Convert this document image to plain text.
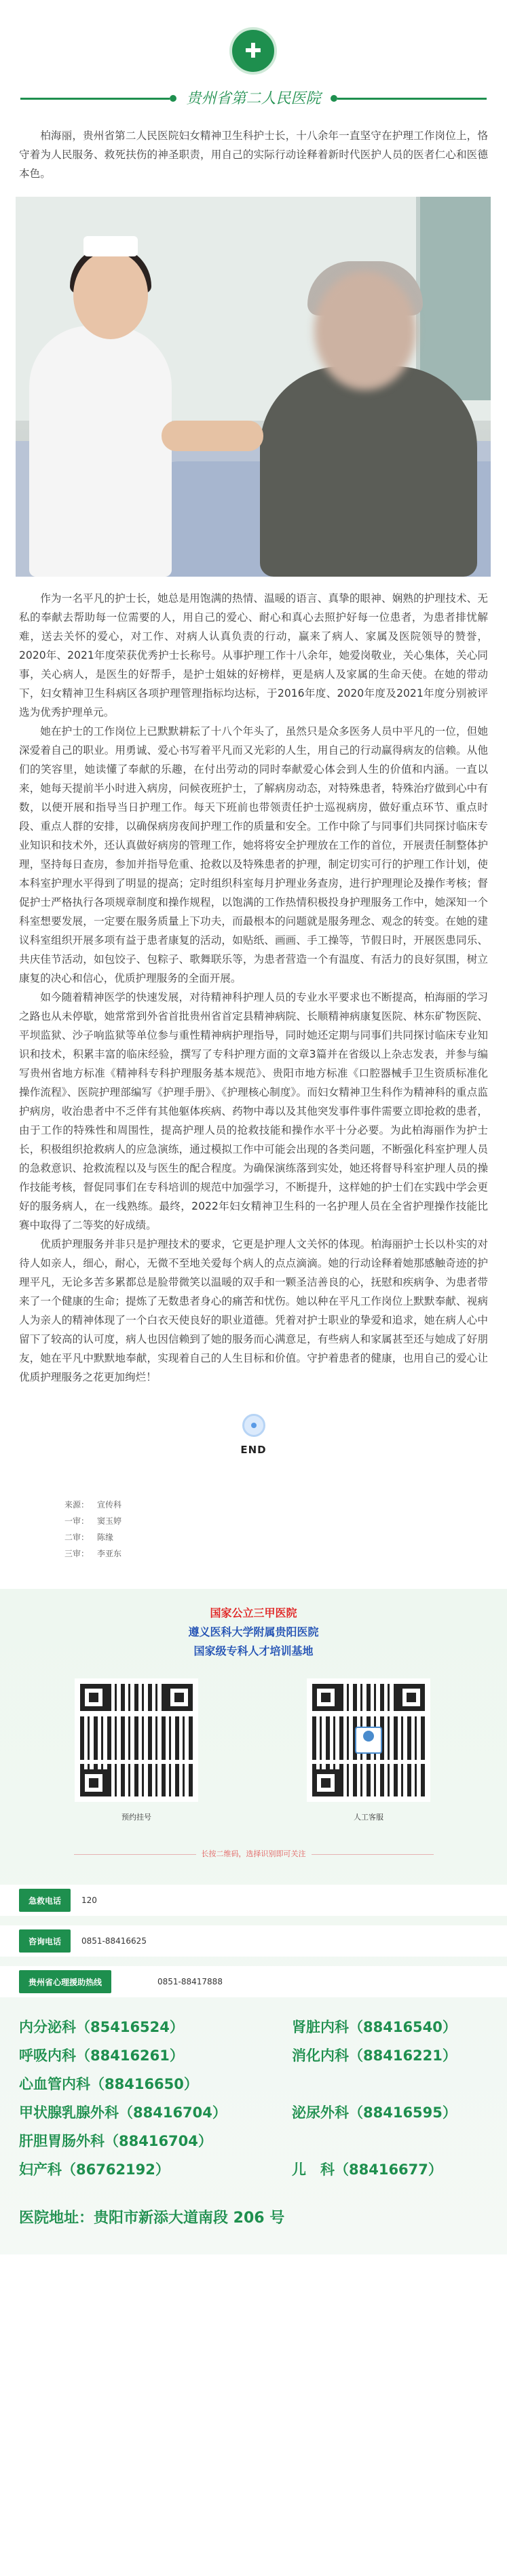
✚
贵州省第二人民医院

柏海丽，贵州省第二人民医院妇女精神卫生科护士长，十八余年一直坚守在护理工作岗位上，恪守着为人民服务、救死扶伤的神圣职责，用自己的实际行动诠释着新时代医护人员的医者仁心和医德本色。

作为一名平凡的护士长，她总是用饱满的热情、温暖的语言、真挚的眼神、娴熟的护理技术、无私的奉献去帮助每一位需要的人，用自己的爱心、耐心和真心去照护好每一位患者，为患者排忧解难，送去关怀的爱心，对工作、对病人认真负责的行动，赢来了病人、家属及医院领导的赞誉，2020年、2021年度荣获优秀护士长称号。从事护理工作十八余年，她爱岗敬业，关心集体，关心同事，关心病人，是医生的好帮手，是护士姐妹的好榜样，更是病人及家属的生命天使。在她的带动下，妇女精神卫生科病区各项护理管理指标均达标，于2016年度、2020年度及2021年度分别被评选为优秀护理单元。

她在护士的工作岗位上已默默耕耘了十八个年头了，虽然只是众多医务人员中平凡的一位，但她深爱着自己的职业。用勇诚、爱心书写着平凡而又光彩的人生，用自己的行动赢得病友的信赖。从他们的笑容里，她读懂了奉献的乐趣，在付出劳动的同时奉献爱心体会到人生的价值和内涵。一直以来，她每天提前半小时进入病房，问候夜班护士，了解病房动态，对特殊患者，特殊治疗做到心中有数，以便开展和指导当日护理工作。每天下班前也带领责任护士巡视病房，做好重点环节、重点时段、重点人群的安排，以确保病房夜间护理工作的质量和安全。工作中除了与同事们共同探讨临床专业知识和技术外，还认真做好病房的管理工作，她将将安全护理放在工作的首位，开展责任制整体护理，坚持每日查房，参加并指导危重、抢救以及特殊患者的护理，制定切实可行的护理工作计划，使本科室护理水平得到了明显的提高；定时组织科室每月护理业务查房，进行护理理论及操作考核；督促护士严格执行各项规章制度和操作规程，以饱满的工作热情积极投身护理服务工作中，她深知一个科室想要发展，一定要在服务质量上下功夫，而最根本的问题就是服务理念、观念的转变。在她的建议科室组织开展多项有益于患者康复的活动，如贴纸、画画、手工操等，节假日时，开展医患同乐、共庆佳节活动，如包饺子、包粽子、歌舞联乐等，为患者营造一个有温度、有活力的良好氛围，树立康复的决心和信心，优质护理服务的全面开展。

如今随着精神医学的快速发展，对待精神科护理人员的专业水平要求也不断提高，柏海丽的学习之路也从未停歇，她常常到外省首批贵州省首定县精神病院、长顺精神病康复医院、林东矿物医院、平坝监狱、沙子响监狱等单位参与重性精神病护理指导，同时她还定期与同事们共同探讨临床专业知识和技术，积累丰富的临床经验，撰写了专科护理方面的文章3篇并在省级以上杂志发表，并参与编写贵州省地方标准《精神科专科护理服务基本规范》、贵阳市地方标准《口腔器械手卫生资质标准化操作流程》、医院护理部编写《护理手册》、《护理核心制度》。而妇女精神卫生科作为精神科的重点监护病房，收治患者中不乏伴有其他躯体疾病、药物中毒以及其他突发事件事件需要立即抢救的患者，由于工作的特殊性和周围性，提高护理人员的抢救技能和操作水平十分必要。为此柏海丽作为护士长，积极组织抢救病人的应急演练，通过模拟工作中可能会出现的各类问题，不断强化科室护理人员的急救意识、抢救流程以及与医生的配合程度。为确保演练落到实处，她还将督导科室护理人员的操作技能考核，督促同事们在专科培训的规范中加强学习，不断提升，这样她的护士们在实践中学会更好的服务病人，在一线熟练。最终，2022年妇女精神卫生科的一名护理人员在全省护理操作技能比赛中取得了二等奖的好成绩。

优质护理服务并非只是护理技术的要求，它更是护理人文关怀的体现。柏海丽护士长以朴实的对待人如亲人，细心，耐心，无微不至地关爱每个病人的点点滴滴。她的行动诠释着她那感触奇迹的护理平凡，无论多苦多累都总是脸带微笑以温暖的双手和一颗圣洁善良的心，抚慰和疾病争、为患者带来了一个健康的生命；提炼了无数患者身心的痛苦和忧伤。她以种在平凡工作岗位上默默奉献、视病人为亲人的精神体现了一个白衣天使良好的职业道德。凭着对护士职业的挚爱和追求，她在病人心中留下了较高的认可度，病人也因信赖到了她的服务而心满意足，有些病人和家属甚至还与她成了好朋友，她在平凡中默默地奉献，实现着自己的人生目标和价值。守护着患者的健康，也用自己的爱心让优质护理服务之花更加绚烂！

END
来源： 宣传科
一审： 窦玉婷
二审： 陈缘
三审： 李亚东
国家公立三甲医院
遵义医科大学附属贵阳医院
国家级专科人才培训基地
预约挂号	人工客服
长按二维码，选择识别即可关注
急救电话	120
咨询电话	0851-88416625
贵州省心理援助热线	0851-88417888
内分泌科（85416524）	肾脏内科（88416540）
呼吸内科（88416261）	消化内科（88416221）
心血管内科（88416650）
甲状腺乳腺外科（88416704）	泌尿外科（88416595）
肝胆胃肠外科（88416704）
妇产科（86762192）	儿　科（88416677）
医院地址：贵阳市新添大道南段 206 号
